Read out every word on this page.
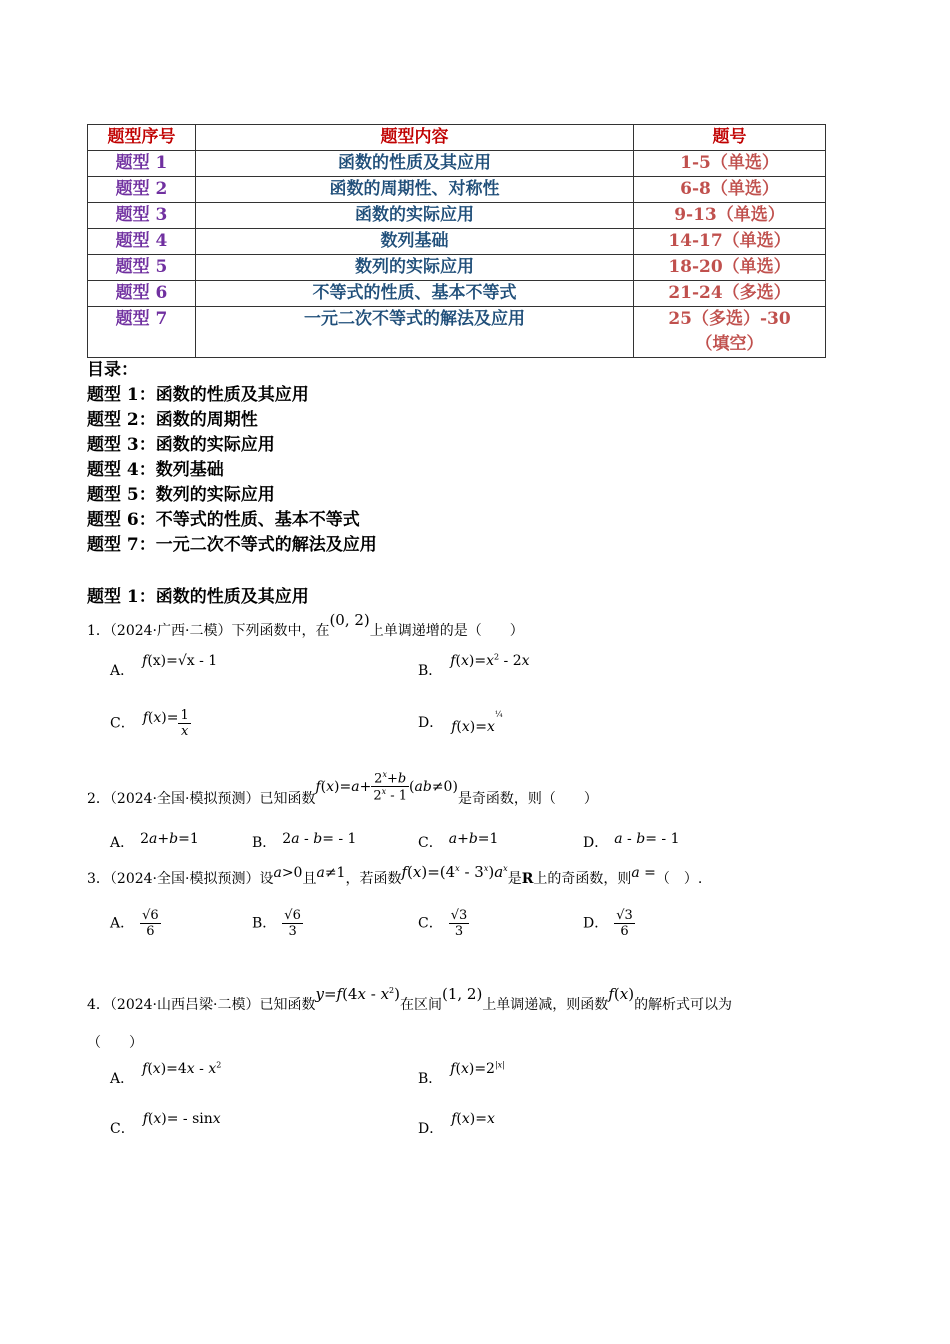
题型序号	题型内容	题号
题型 1	函数的性质及其应用	1-5（单选）
题型 2	函数的周期性、对称性	6-8（单选）
题型 3	函数的实际应用	9-13（单选）
题型 4	数列基础	14-17（单选）
题型 5	数列的实际应用	18-20（单选）
题型 6	不等式的性质、基本不等式	21-24（多选）
题型 7	一元二次不等式的解法及应用	25（多选）-30（填空）
目录：
题型 1：函数的性质及其应用
题型 2：函数的周期性
题型 3：函数的实际应用
题型 4：数列基础
题型 5：数列的实际应用
题型 6：不等式的性质、基本不等式
题型 7：一元二次不等式的解法及应用
题型 1：函数的性质及其应用
1．（2024·广西·二模）下列函数中，在(0, 2)上单调递增的是（　　）
A．f(x)=√x - 1
B．$f(x)=x^2 - 2x$
C． $f(x)= \frac{1}{x}$	D． $f(x)=x^{\frac{1}{4}}$
2．（2024·全国·模拟预测）已知函数$f(x)=a+ \frac{2^x+b}{2^x - 1} (ab\ne 0)$是奇函数，则（　　）
A． 2a+b=1	B． 2a - b= - 1	C． a+b=1	D． a - b= - 1
3．（2024·全国·模拟预测）设a>0且a≠1，若函数$f(x)=(4^x - 3^x)a^x$是R上的奇函数，则a =（　）.
A． $\frac{√6}{6}$	B． $\frac{√6}{3}$	C． $\frac{√3}{3}$	D． $\frac{√3}{6}$
4．（2024·山西吕梁·二模）已知函数$y=f(4x - x^2)$在区间(1, 2)上单调递减，则函数f(x)的解析式可以为
（　　）
A．$f(x)=4x - x^2$
B．$f(x)=2^{|x|}$
C．f(x)= - sinx
D．f(x)=x
